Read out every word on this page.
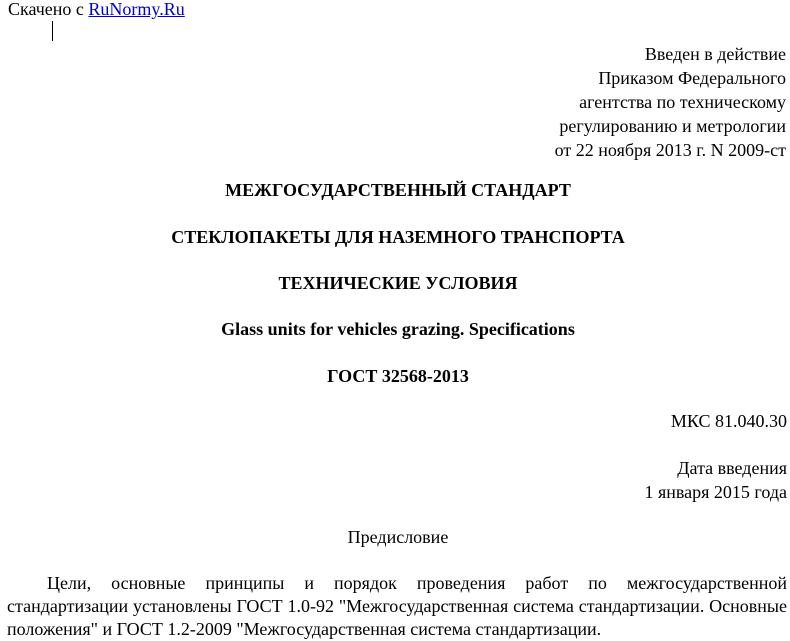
Скачено с RuNormy.Ru
Введен в действие
Приказом Федерального
агентства по техническому
регулированию и метрологии
от 22 ноября 2013 г. N 2009-ст
МЕЖГОСУДАРСТВЕННЫЙ СТАНДАРТ
СТЕКЛОПАКЕТЫ ДЛЯ НАЗЕМНОГО ТРАНСПОРТА
ТЕХНИЧЕСКИЕ УСЛОВИЯ
Glass units for vehicles grazing. Specifications
ГОСТ 32568-2013
МКС 81.040.30
Дата введения
1 января 2015 года
Предисловие
Цели, основные принципы и порядок проведения работ по межгосударственной стандартизации установлены ГОСТ 1.0-92 "Межгосударственная система стандартизации. Основные положения" и ГОСТ 1.2-2009 "Межгосударственная система стандартизации.
